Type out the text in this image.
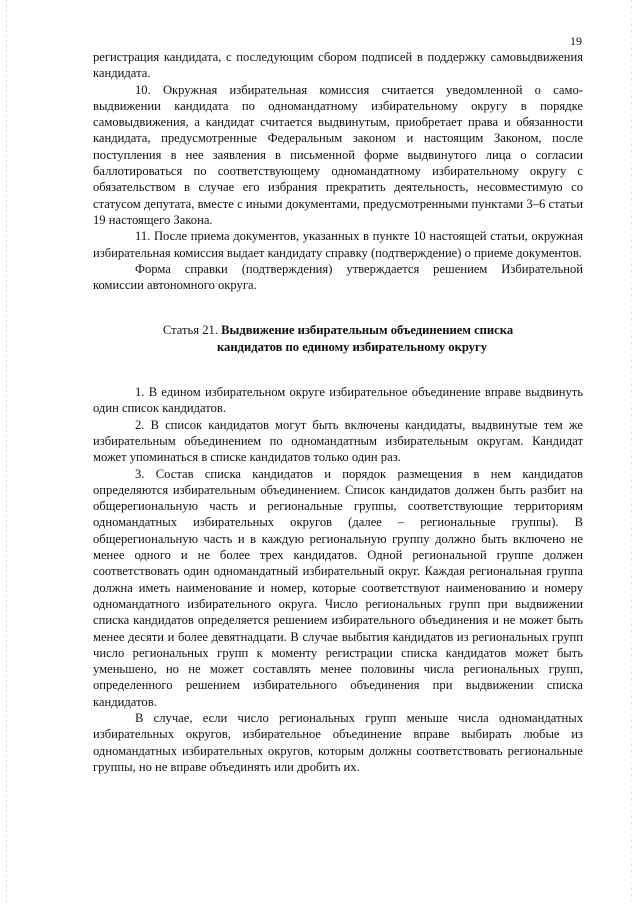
19

регистрация кандидата, с последующим сбором подписей в поддержку самовыдвижения кандидата.

10. Окружная избирательная комиссия считается уведомленной о самовыдвижении кандидата по одномандатному избирательному округу в порядке самовыдвижения, а кандидат считается выдвинутым, приобретает права и обязанности кандидата, предусмотренные Федеральным законом и настоящим Законом, после поступления в нее заявления в письменной форме выдвинутого лица о согласии баллотироваться по соответствующему одномандатному избирательному округу с обязательством в случае его избрания прекратить деятельность, несовместимую со статусом депутата, вместе с иными документами, предусмотренными пунктами 3–6 статьи 19 настоящего Закона.

11. После приема документов, указанных в пункте 10 настоящей статьи, окружная избирательная комиссия выдает кандидату справку (подтверждение) о приеме документов.

Форма справки (подтверждения) утверждается решением Избирательной комиссии автономного округа.

Статья 21. Выдвижение избирательным объединением списка
кандидатов по единому избирательному округу

1. В едином избирательном округе избирательное объединение вправе выдвинуть один список кандидатов.

2. В список кандидатов могут быть включены кандидаты, выдвинутые тем же избирательным объединением по одномандатным избирательным округам. Кандидат может упоминаться в списке кандидатов только один раз.

3. Состав списка кандидатов и порядок размещения в нем кандидатов определяются избирательным объединением. Список кандидатов должен быть разбит на общерегиональную часть и региональные группы, соответствующие территориям одномандатных избирательных округов (далее – региональные группы). В общерегиональную часть и в каждую региональную группу должно быть включено не менее одного и не более трех кандидатов. Одной региональной группе должен соответствовать один одномандатный избирательный округ. Каждая региональная группа должна иметь наименование и номер, которые соответствуют наименованию и номеру одномандатного избирательного округа. Число региональных групп при выдвижении списка кандидатов определяется решением избирательного объединения и не может быть менее десяти и более девятнадцати. В случае выбытия кандидатов из региональных групп число региональных групп к моменту регистрации списка кандидатов может быть уменьшено, но не может составлять менее половины числа региональных групп, определенного решением избирательного объединения при выдвижении списка кандидатов.

В случае, если число региональных групп меньше числа одномандатных избирательных округов, избирательное объединение вправе выбирать любые из одномандатных избирательных округов, которым должны соответствовать региональные группы, но не вправе объединять или дробить их.
